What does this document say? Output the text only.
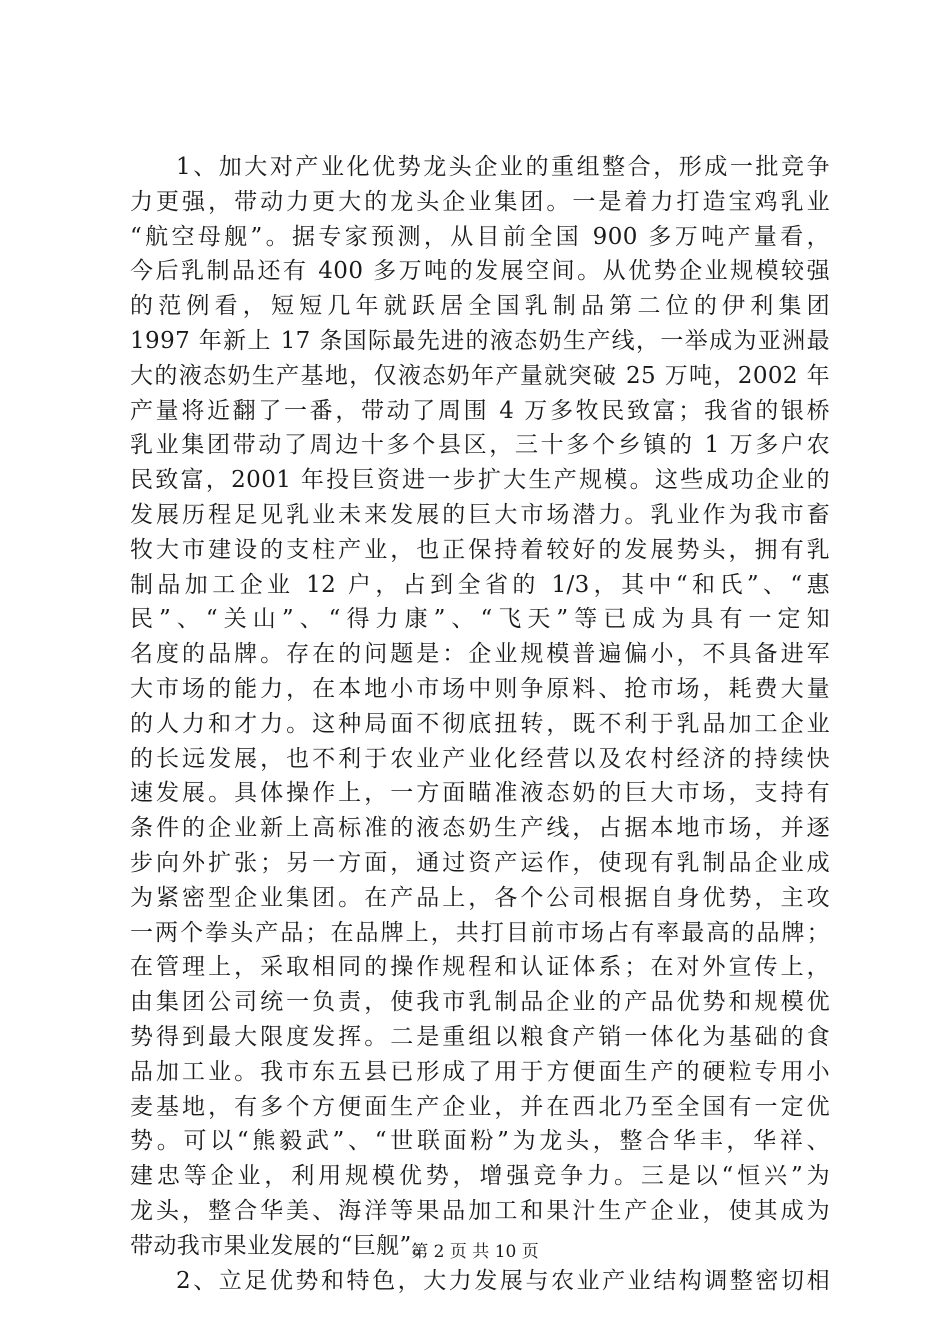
1、加大对产业化优势龙头企业的重组整合，形成一批竞争
力更强，带动力更大的龙头企业集团。一是着力打造宝鸡乳业
“航空母舰”。据专家预测，从目前全国 900 多万吨产量看，
今后乳制品还有 400 多万吨的发展空间。从优势企业规模较强
的范例看，短短几年就跃居全国乳制品第二位的伊利集团
1997 年新上 17 条国际最先进的液态奶生产线，一举成为亚洲最
大的液态奶生产基地，仅液态奶年产量就突破 25 万吨，2002 年
产量将近翻了一番，带动了周围 4 万多牧民致富；我省的银桥
乳业集团带动了周边十多个县区，三十多个乡镇的 1 万多户农
民致富，2001 年投巨资进一步扩大生产规模。这些成功企业的
发展历程足见乳业未来发展的巨大市场潜力。乳业作为我市畜
牧大市建设的支柱产业，也正保持着较好的发展势头，拥有乳
制品加工企业 12 户，占到全省的 1/3，其中“和氏”、“惠
民”、“关山”、“得力康”、“飞天”等已成为具有一定知
名度的品牌。存在的问题是：企业规模普遍偏小，不具备进军
大市场的能力，在本地小市场中则争原料、抢市场，耗费大量
的人力和才力。这种局面不彻底扭转，既不利于乳品加工企业
的长远发展，也不利于农业产业化经营以及农村经济的持续快
速发展。具体操作上，一方面瞄准液态奶的巨大市场，支持有
条件的企业新上高标准的液态奶生产线，占据本地市场，并逐
步向外扩张；另一方面，通过资产运作，使现有乳制品企业成
为紧密型企业集团。在产品上，各个公司根据自身优势，主攻
一两个拳头产品；在品牌上，共打目前市场占有率最高的品牌；
在管理上，采取相同的操作规程和认证体系；在对外宣传上，
由集团公司统一负责，使我市乳制品企业的产品优势和规模优
势得到最大限度发挥。二是重组以粮食产销一体化为基础的食
品加工业。我市东五县已形成了用于方便面生产的硬粒专用小
麦基地，有多个方便面生产企业，并在西北乃至全国有一定优
势。可以“熊毅武”、“世联面粉”为龙头，整合华丰，华祥、
建忠等企业，利用规模优势，增强竞争力。三是以“恒兴”为
龙头，整合华美、海洋等果品加工和果汁生产企业，使其成为
带动我市果业发展的“巨舰”。
2、立足优势和特色，大力发展与农业产业结构调整密切相
第 2 页 共 10 页
